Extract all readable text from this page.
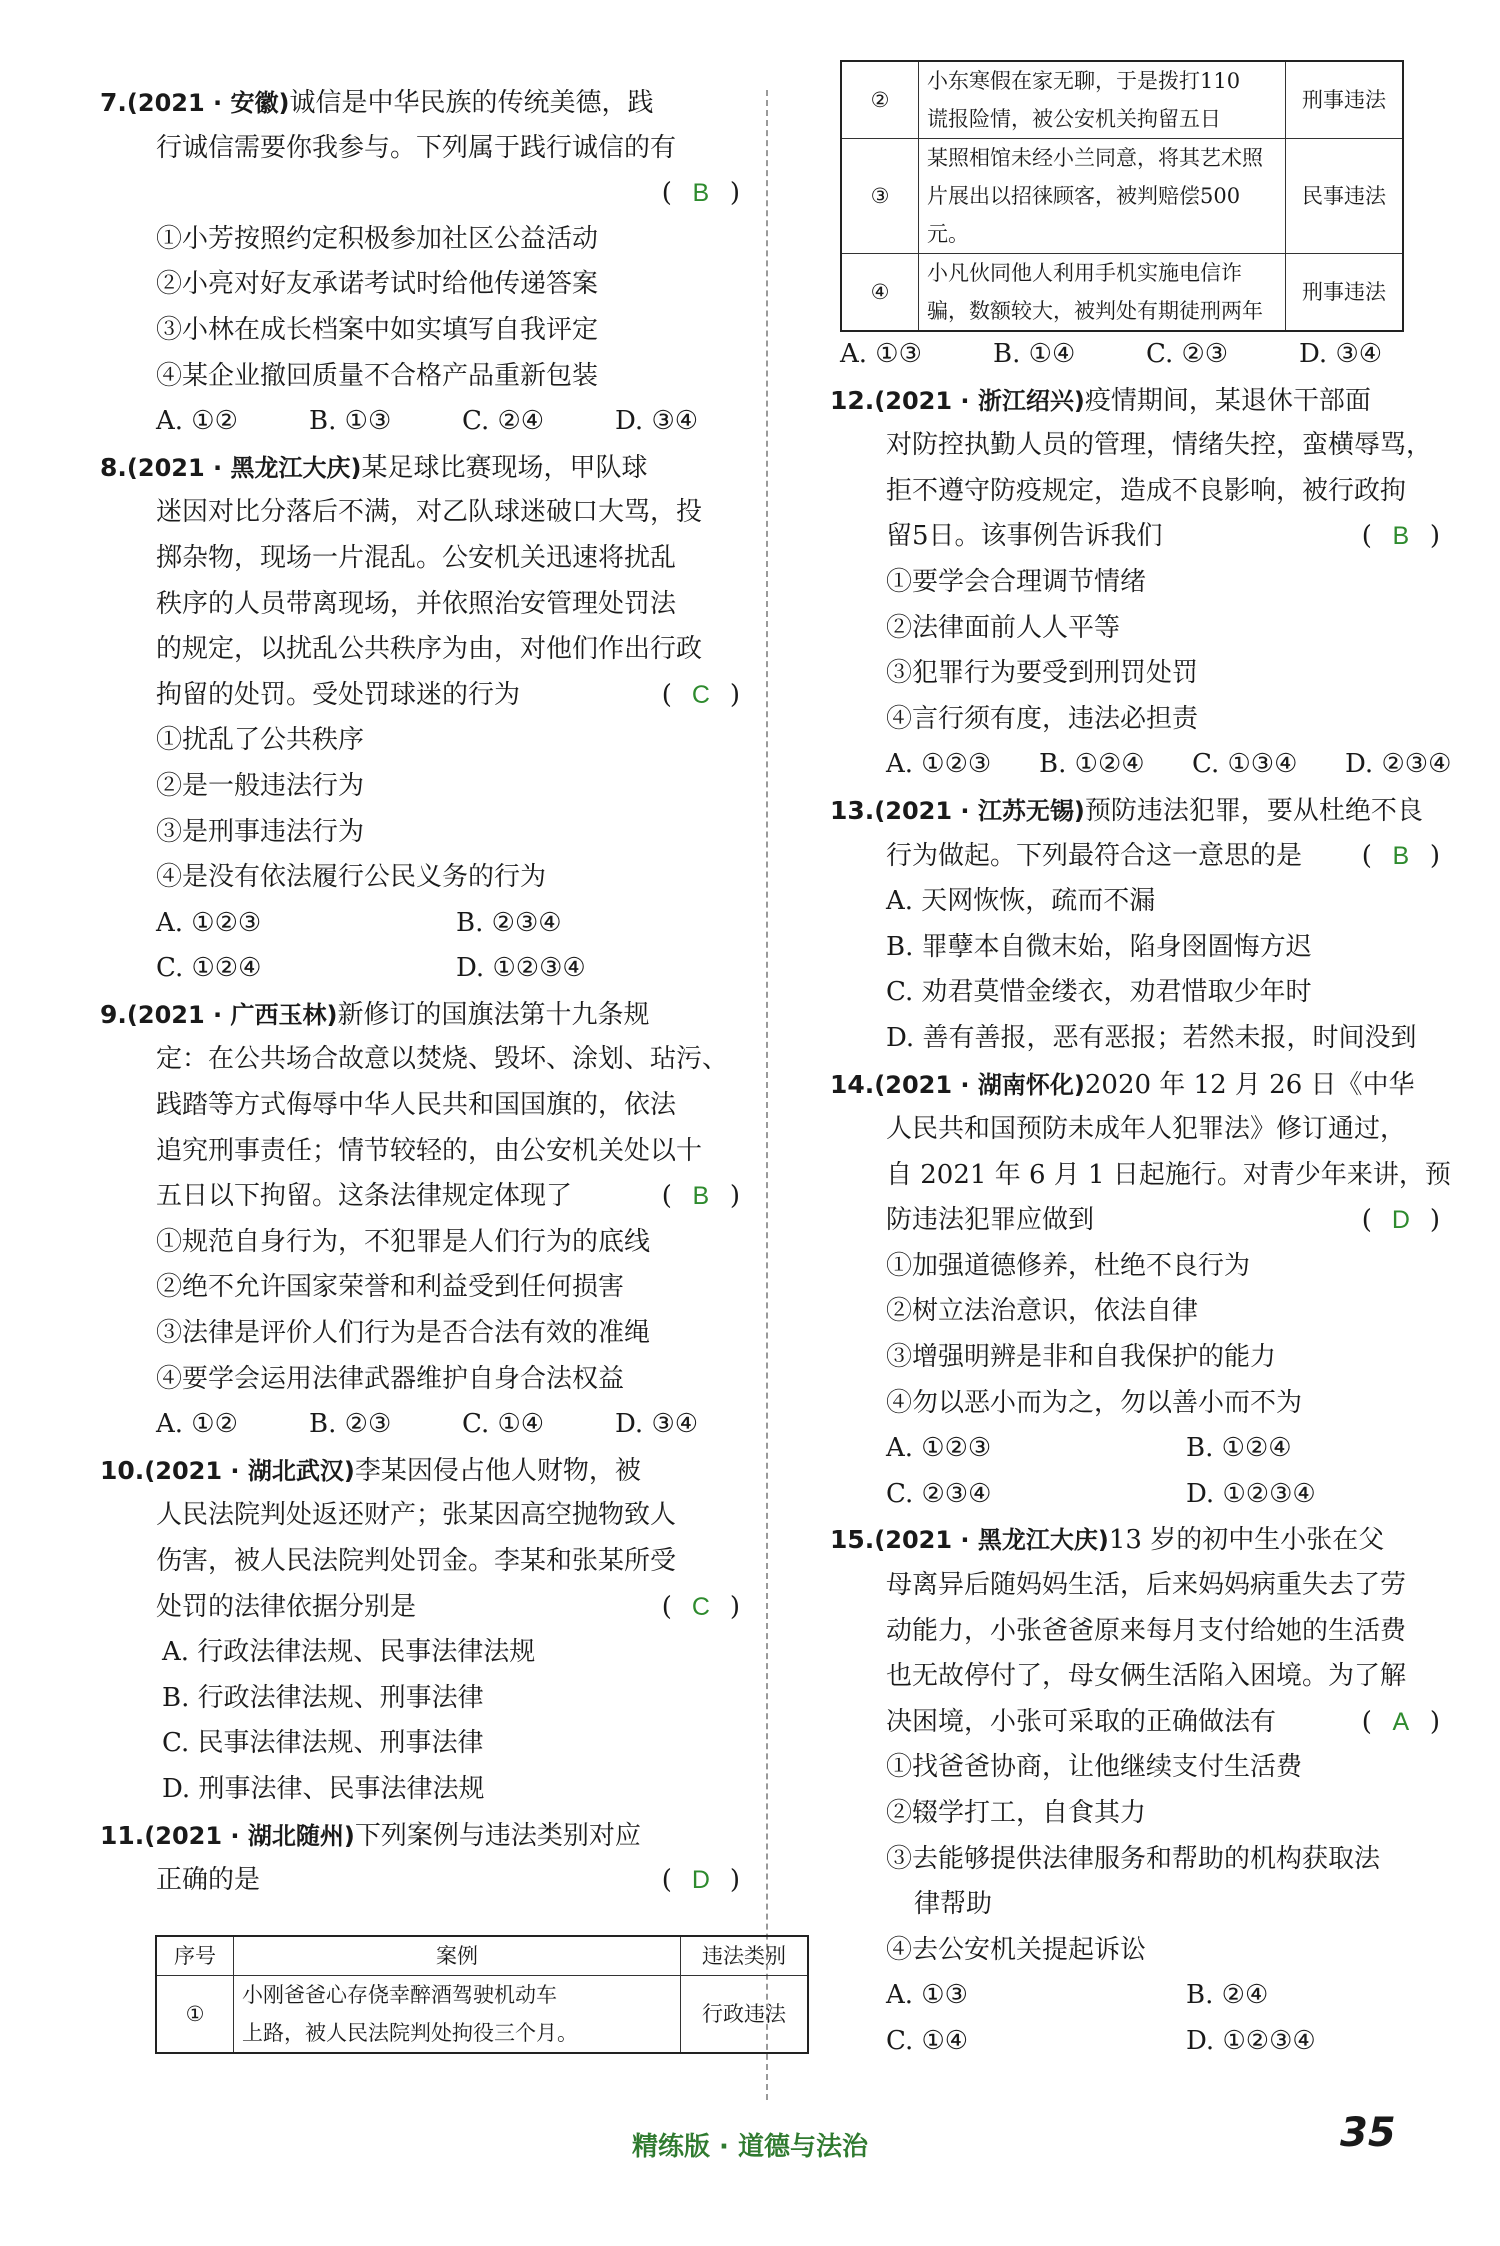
7.(2021 · 安徽)诚信是中华民族的传统美德，践
行诚信需要你我参与。下列属于践行诚信的有
( B )
①小芳按照约定积极参加社区公益活动
②小亮对好友承诺考试时给他传递答案
③小林在成长档案中如实填写自我评定
④某企业撤回质量不合格产品重新包装
A. ①②	B. ①③	C. ②④	D. ③④
8.(2021 · 黑龙江大庆)某足球比赛现场，甲队球
迷因对比分落后不满，对乙队球迷破口大骂，投
掷杂物，现场一片混乱。公安机关迅速将扰乱
秩序的人员带离现场，并依照治安管理处罚法
的规定，以扰乱公共秩序为由，对他们作出行政
拘留的处罚。受处罚球迷的行为	( C )
①扰乱了公共秩序
②是一般违法行为
③是刑事违法行为
④是没有依法履行公民义务的行为
A. ①②③	B. ②③④
C. ①②④	D. ①②③④
9.(2021 · 广西玉林)新修订的国旗法第十九条规
定：在公共场合故意以焚烧、毁坏、涂划、玷污、
践踏等方式侮辱中华人民共和国国旗的，依法
追究刑事责任；情节较轻的，由公安机关处以十
五日以下拘留。这条法律规定体现了	( B )
①规范自身行为，不犯罪是人们行为的底线
②绝不允许国家荣誉和利益受到任何损害
③法律是评价人们行为是否合法有效的准绳
④要学会运用法律武器维护自身合法权益
A. ①②	B. ②③	C. ①④	D. ③④
10.(2021 · 湖北武汉)李某因侵占他人财物，被
人民法院判处返还财产；张某因高空抛物致人
伤害，被人民法院判处罚金。李某和张某所受
处罚的法律依据分别是	( C )
A. 行政法律法规、民事法律法规
B. 行政法律法规、刑事法律
C. 民事法律法规、刑事法律
D. 刑事法律、民事法律法规
11.(2021 · 湖北随州)下列案例与违法类别对应
正确的是	( D )
序号	案例	违法类别
①	小刚爸爸心存侥幸醉酒驾驶机动车
上路，被人民法院判处拘役三个月。	行政违法
②	小东寒假在家无聊，于是拨打110
谎报险情，被公安机关拘留五日	刑事违法
③	某照相馆未经小兰同意，将其艺术照
片展出以招徕顾客，被判赔偿500元。	民事违法
④	小凡伙同他人利用手机实施电信诈
骗，数额较大，被判处有期徒刑两年	刑事违法
A. ①③	B. ①④	C. ②③	D. ③④
12.(2021 · 浙江绍兴)疫情期间，某退休干部面
对防控执勤人员的管理，情绪失控，蛮横辱骂，
拒不遵守防疫规定，造成不良影响，被行政拘
留5日。该事例告诉我们	( B )
①要学会合理调节情绪
②法律面前人人平等
③犯罪行为要受到刑罚处罚
④言行须有度，违法必担责
A. ①②③ B. ①②④ C. ①③④ D. ②③④
13.(2021 · 江苏无锡)预防违法犯罪，要从杜绝不良
行为做起。下列最符合这一意思的是 ( B )
A. 天网恢恢，疏而不漏
B. 罪孽本自微末始，陷身囹圄悔方迟
C. 劝君莫惜金缕衣，劝君惜取少年时
D. 善有善报，恶有恶报；若然未报，时间没到
14.(2021 · 湖南怀化)2020 年 12 月 26 日《中华
人民共和国预防未成年人犯罪法》修订通过，
自 2021 年 6 月 1 日起施行。对青少年来讲，预
防违法犯罪应做到	( D )
①加强道德修养，杜绝不良行为
②树立法治意识，依法自律
③增强明辨是非和自我保护的能力
④勿以恶小而为之，勿以善小而不为
A. ①②③	B. ①②④
C. ②③④	D. ①②③④
15.(2021 · 黑龙江大庆)13 岁的初中生小张在父
母离异后随妈妈生活，后来妈妈病重失去了劳
动能力，小张爸爸原来每月支付给她的生活费
也无故停付了，母女俩生活陷入困境。为了解
决困境，小张可采取的正确做法有	( A )
①找爸爸协商，让他继续支付生活费
②辍学打工，自食其力
③去能够提供法律服务和帮助的机构获取法
律帮助
④去公安机关提起诉讼
A. ①③	B. ②④
C. ①④	D. ①②③④
精练版 · 道德与法治	35
